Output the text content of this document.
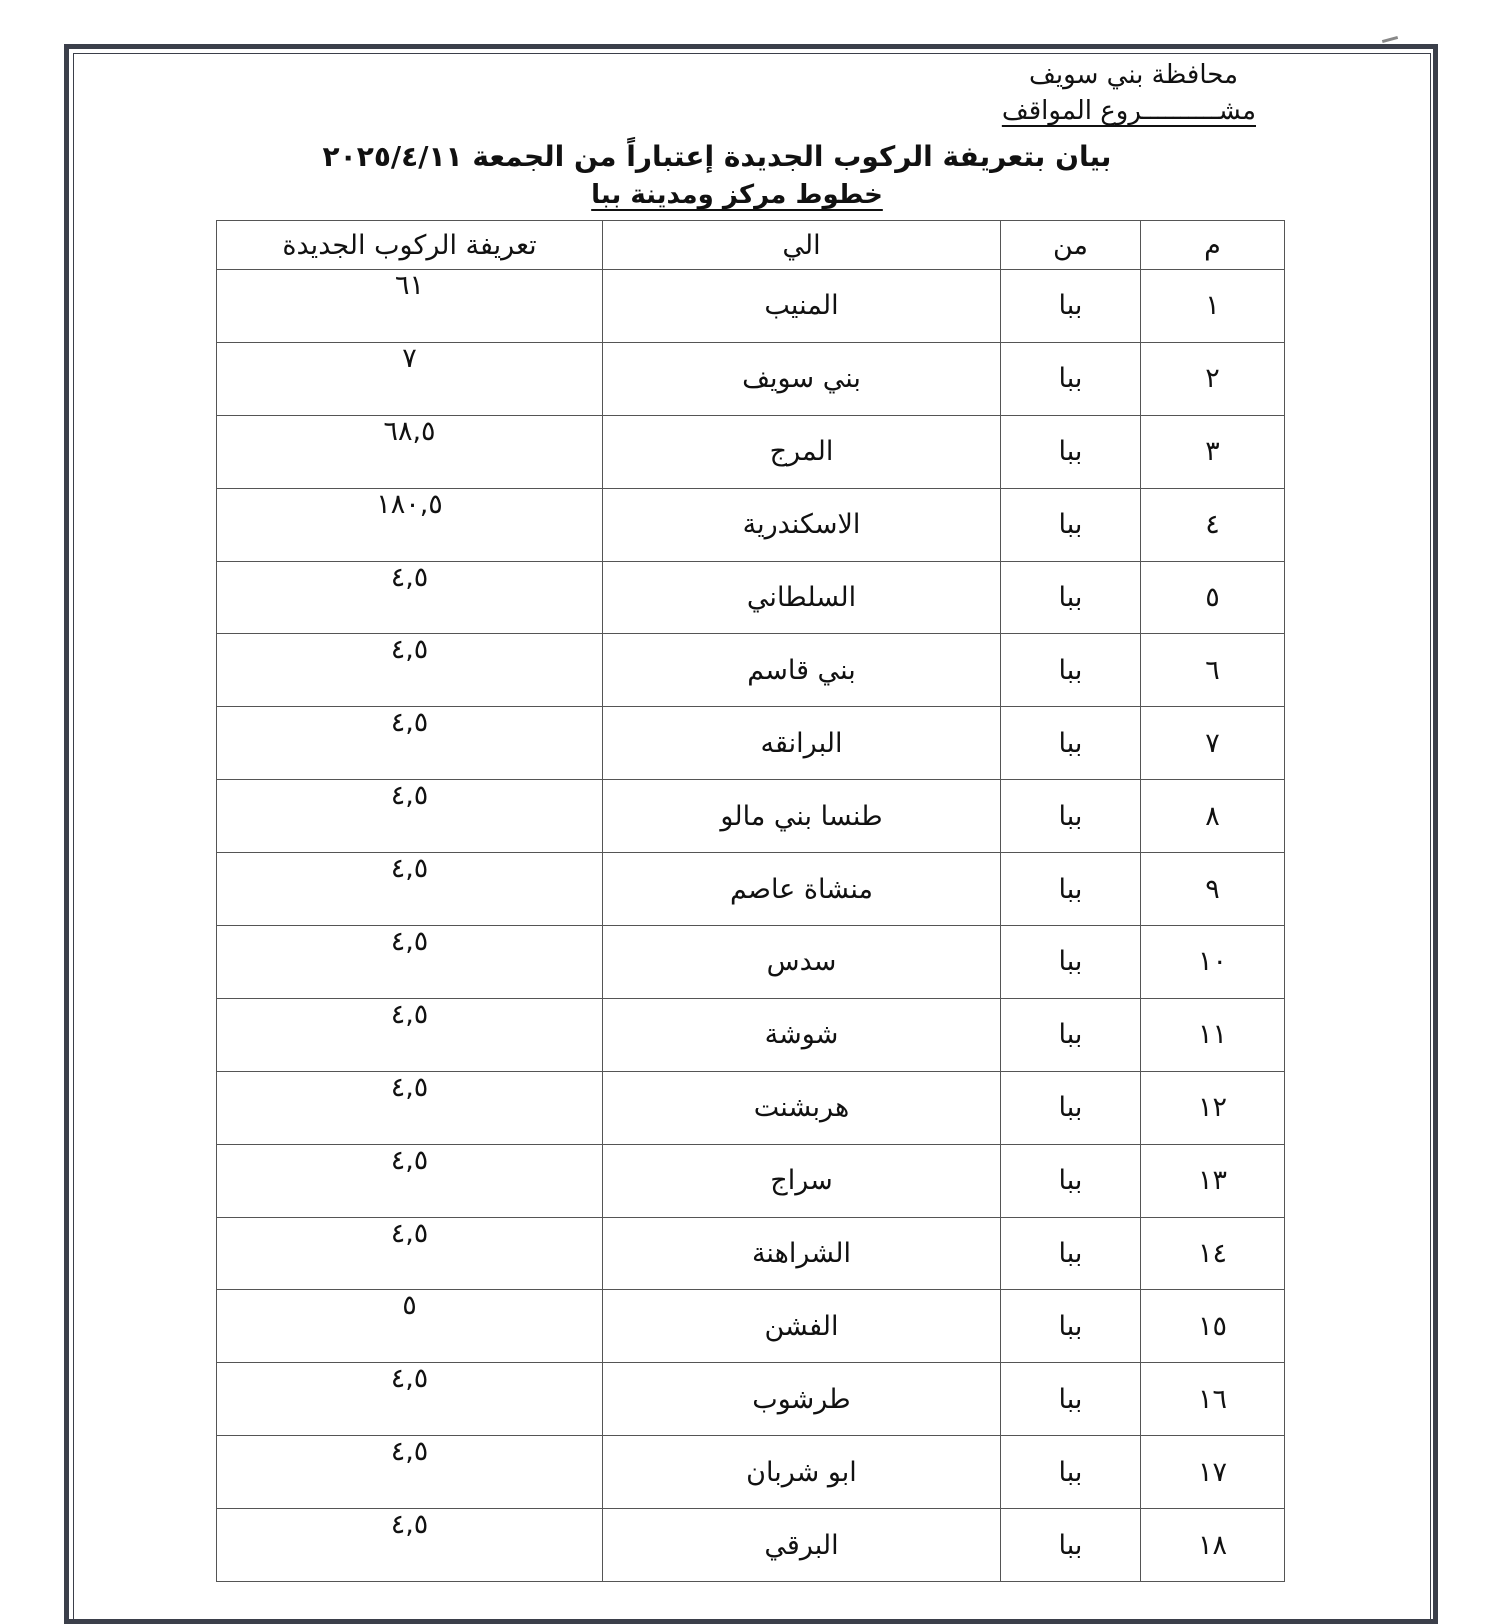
محافظة بني سويف
مشــــــــــروع المواقف
بيان بتعريفة الركوب الجديدة إعتباراً من الجمعة ٢٠٢٥/٤/١١
خطوط مركز ومدينة ببا
م	من	الي	تعريفة الركوب الجديدة
١	ببا	المنيب	٦١
٢	ببا	بني سويف	٧
٣	ببا	المرج	٦٨,٥
٤	ببا	الاسكندرية	١٨٠,٥
٥	ببا	السلطاني	٤,٥
٦	ببا	بني قاسم	٤,٥
٧	ببا	البرانقه	٤,٥
٨	ببا	طنسا بني مالو	٤,٥
٩	ببا	منشاة عاصم	٤,٥
١٠	ببا	سدس	٤,٥
١١	ببا	شوشة	٤,٥
١٢	ببا	هربشنت	٤,٥
١٣	ببا	سراج	٤,٥
١٤	ببا	الشراهنة	٤,٥
١٥	ببا	الفشن	٥
١٦	ببا	طرشوب	٤,٥
١٧	ببا	ابو شربان	٤,٥
١٨	ببا	البرقي	٤,٥
